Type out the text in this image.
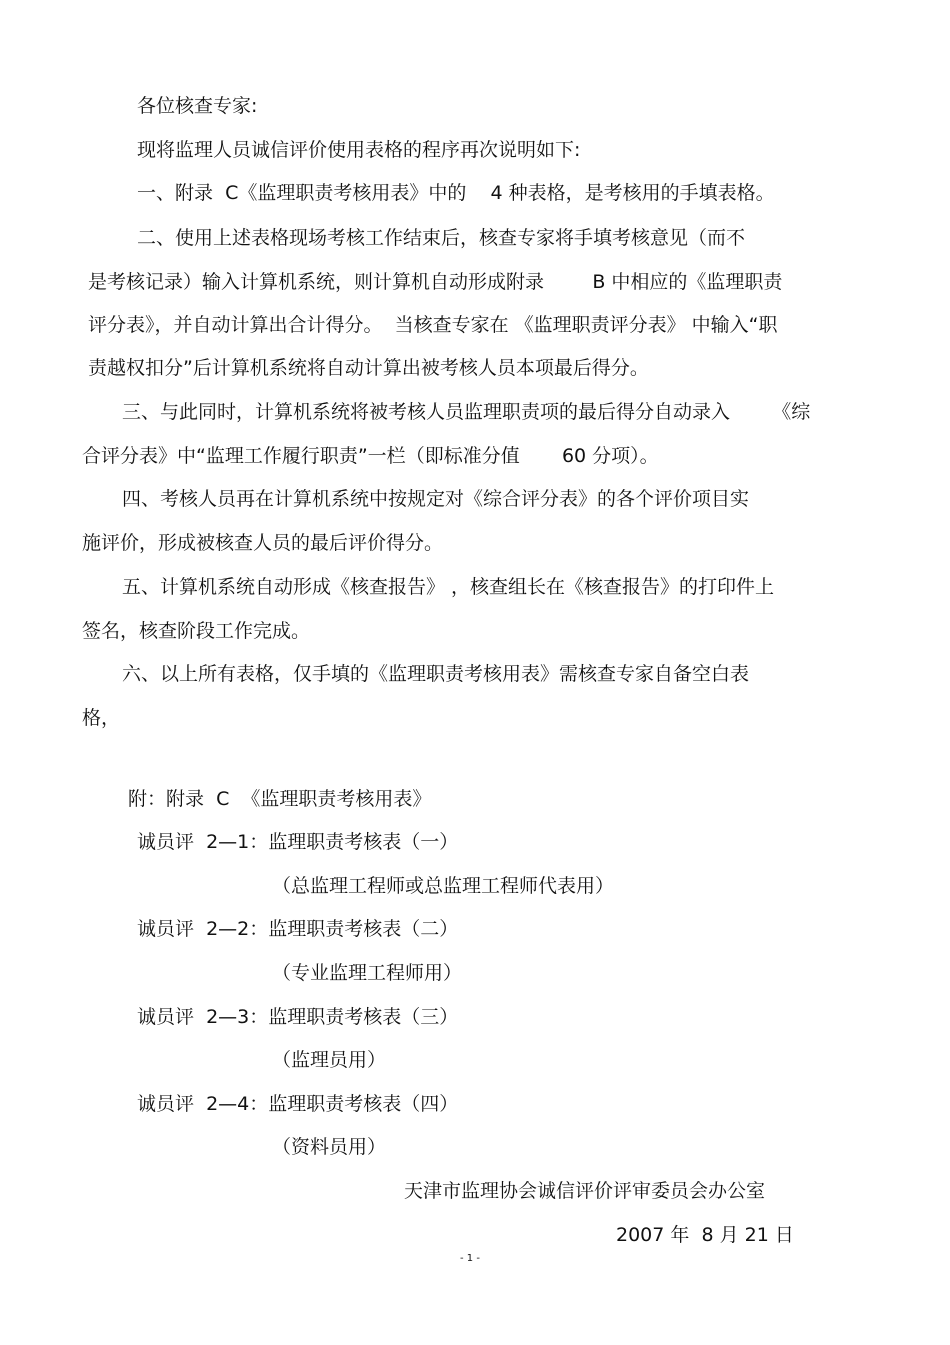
各位核查专家:
现将监理人员诚信评价使用表格的程序再次说明如下:
一、附录  C《监理职责考核用表》中的    4 种表格，是考核用的手填表格。
二、使用上述表格现场考核工作结束后，核查专家将手填考核意见（而不
是考核记录）输入计算机系统，则计算机自动形成附录        B 中相应的《监理职责
评分表》，并自动计算出合计得分。  当核查专家在 《监理职责评分表》 中输入“职
责越权扣分”后计算机系统将自动计算出被考核人员本项最后得分。
三、与此同时，计算机系统将被考核人员监理职责项的最后得分自动录入       《综
合评分表》中“监理工作履行职责”一栏（即标准分值       60 分项）。
四、考核人员再在计算机系统中按规定对《综合评分表》的各个评价项目实
施评价，形成被核查人员的最后评价得分。
五、计算机系统自动形成《核查报告》 ，核查组长在《核查报告》的打印件上
签名，核查阶段工作完成。
六、以上所有表格，仅手填的《监理职责考核用表》需核查专家自备空白表
格，
附：附录  C  《监理职责考核用表》
诚员评  2—1：监理职责考核表（一）
（总监理工程师或总监理工程师代表用）
诚员评  2—2：监理职责考核表（二）
（专业监理工程师用）
诚员评  2—3：监理职责考核表（三）
（监理员用）
诚员评  2—4：监理职责考核表（四）
（资料员用）
天津市监理协会诚信评价评审委员会办公室
2007 年  8 月 21 日
- 1 -
